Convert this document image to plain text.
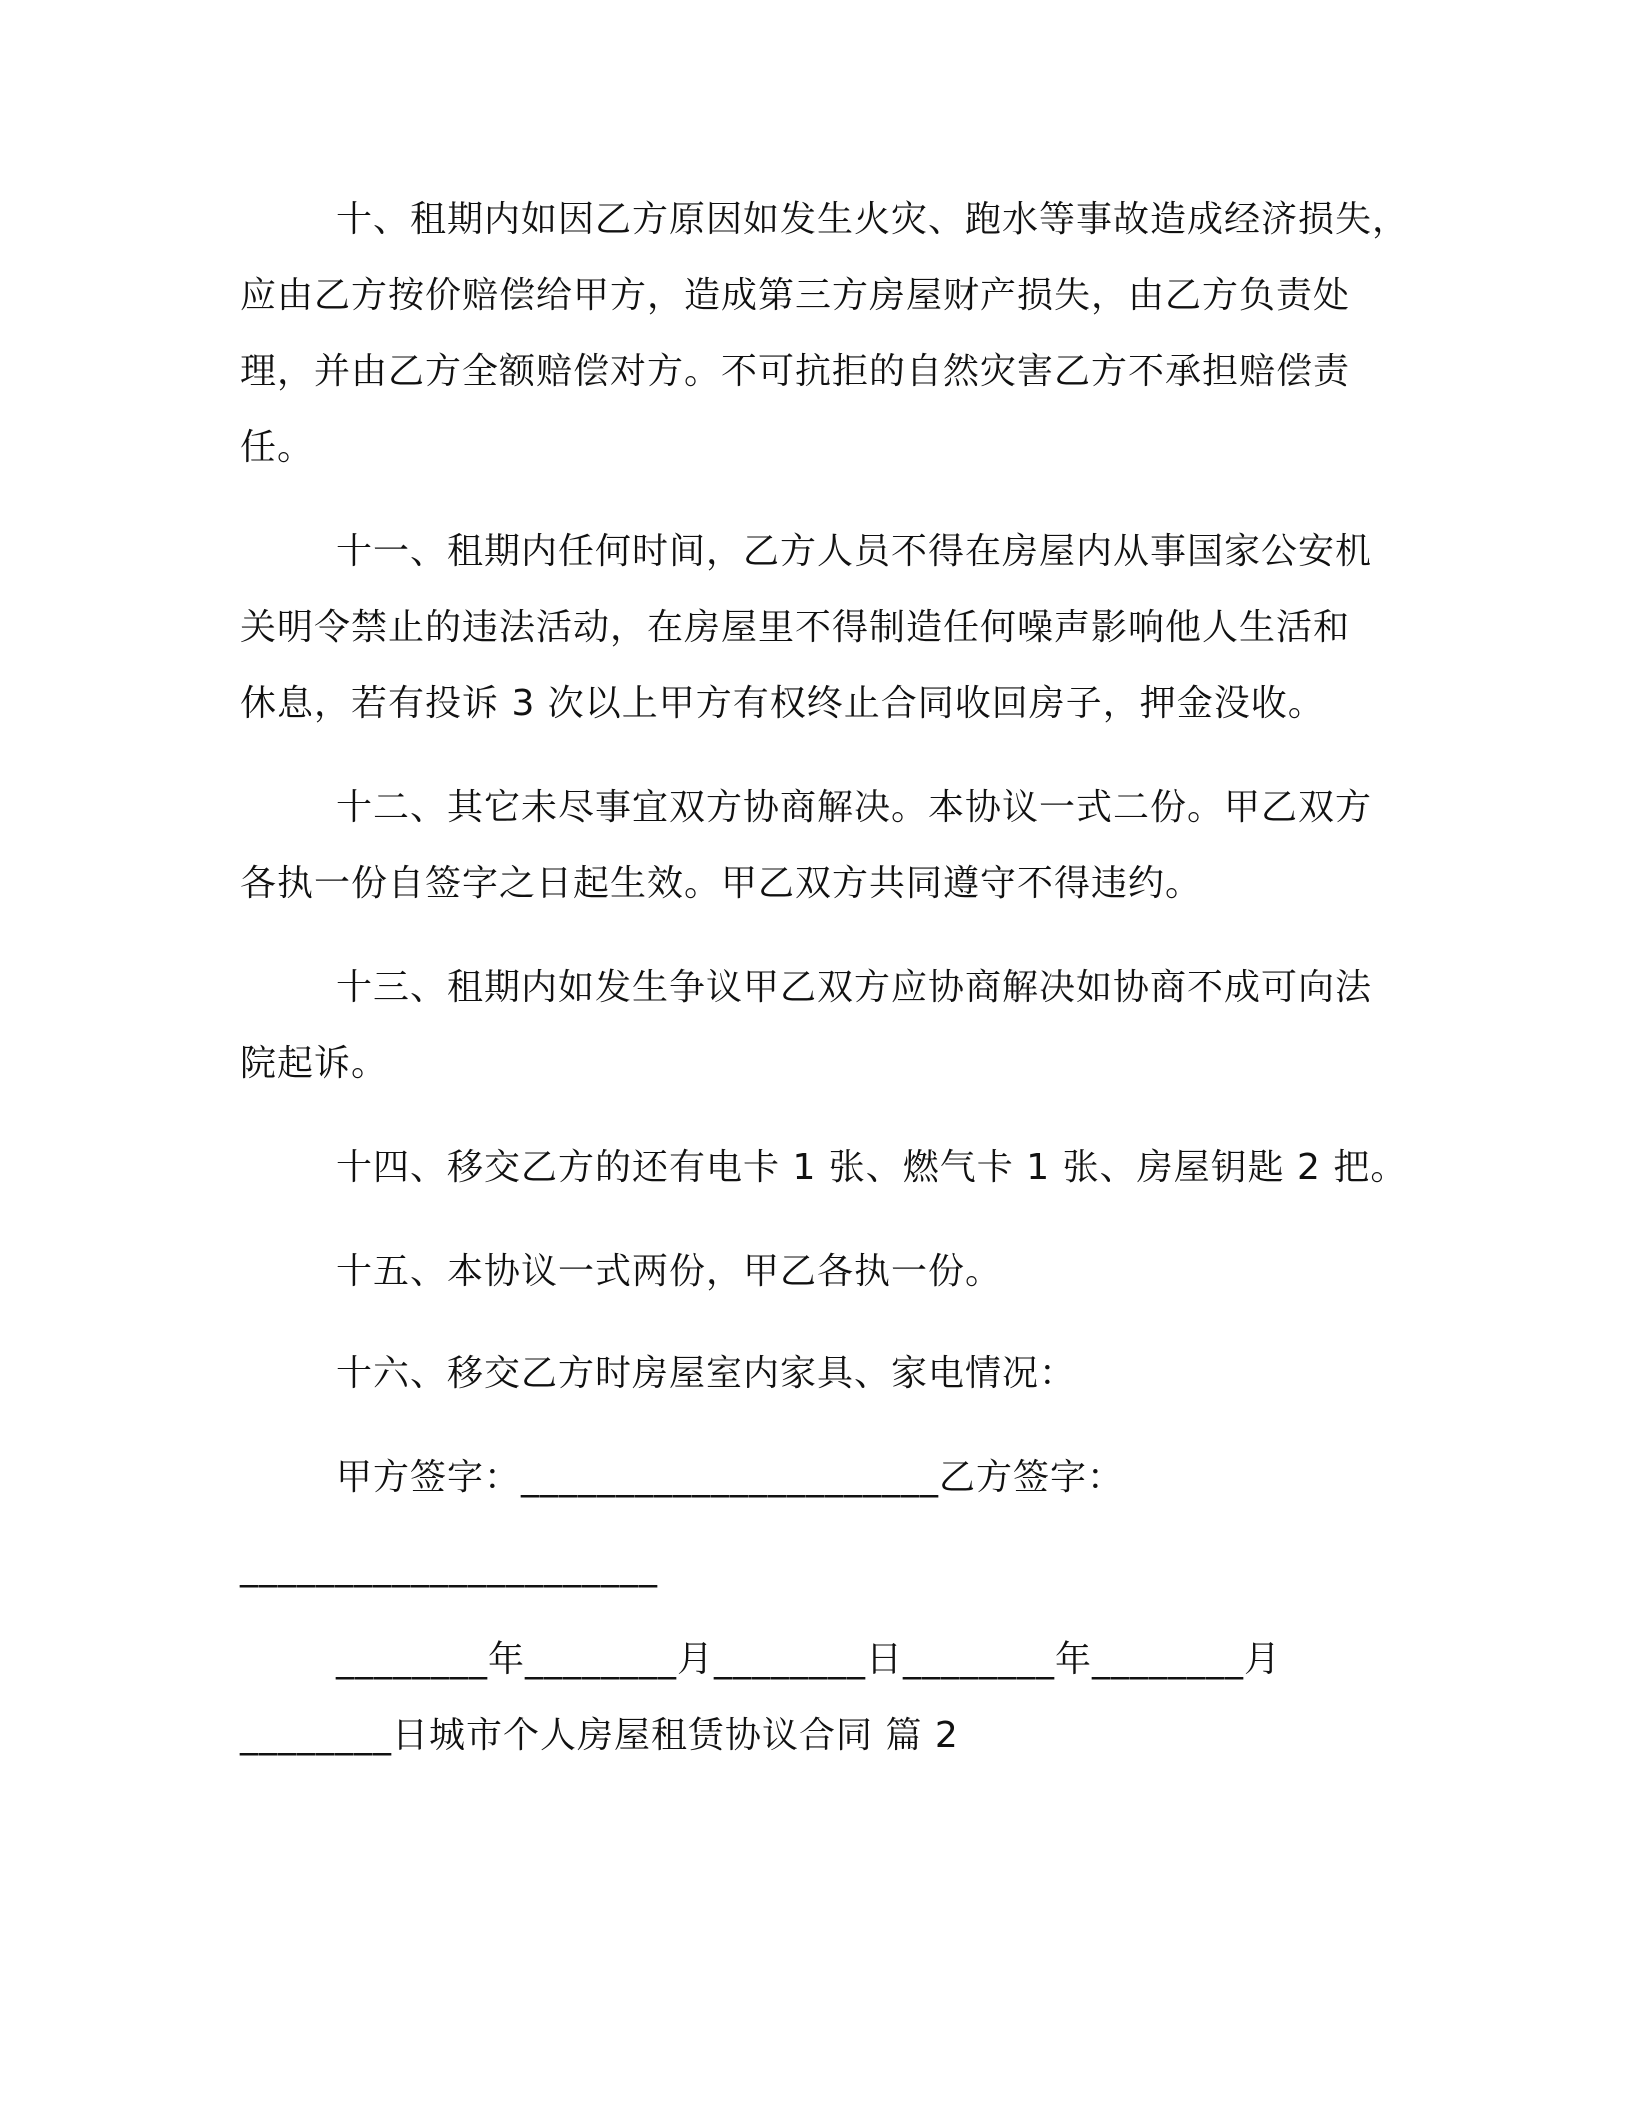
十、租期内如因乙方原因如发生火灾、跑水等事故造成经济损失，
应由乙方按价赔偿给甲方，造成第三方房屋财产损失，由乙方负责处
理，并由乙方全额赔偿对方。不可抗拒的自然灾害乙方不承担赔偿责
任。
十一、租期内任何时间，乙方人员不得在房屋内从事国家公安机
关明令禁止的违法活动，在房屋里不得制造任何噪声影响他人生活和
休息，若有投诉 3 次以上甲方有权终止合同收回房子，押金没收。
十二、其它未尽事宜双方协商解决。本协议一式二份。甲乙双方
各执一份自签字之日起生效。甲乙双方共同遵守不得违约。
十三、租期内如发生争议甲乙双方应协商解决如协商不成可向法
院起诉。
十四、移交乙方的还有电卡 1 张、燃气卡 1 张、房屋钥匙 2 把。
十五、本协议一式两份，甲乙各执一份。
十六、移交乙方时房屋室内家具、家电情况：
甲方签字：______________________乙方签字：
______________________
________年________月________日________年________月
________日城市个人房屋租赁协议合同 篇 2
